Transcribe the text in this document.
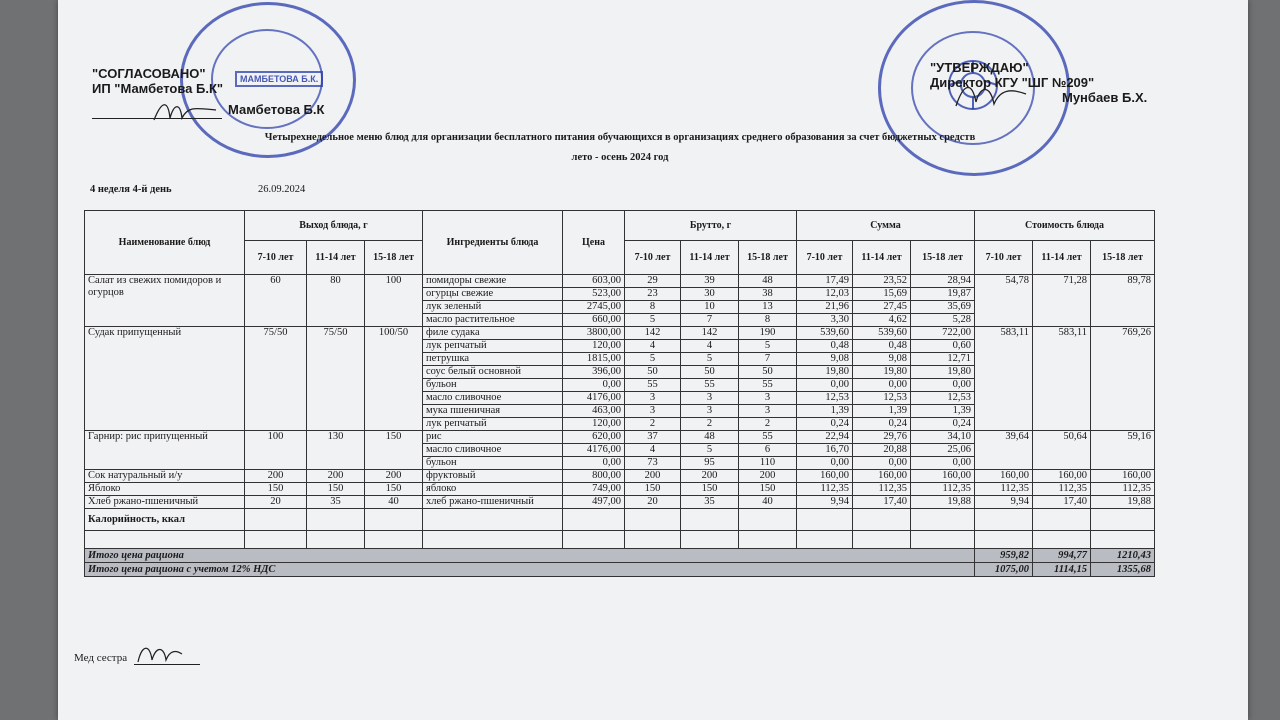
МАМБЕТОВА Б.К.
"СОГЛАСОВАНО"
ИП "Мамбетова Б.К"
Мамбетова Б.К
"УТВЕРЖДАЮ"
Директор КГУ "ШГ №209"
Мунбаев Б.Х.
Четырехнедельное меню блюд для организации бесплатного питания обучающихся в организациях среднего образования за счет бюджетных средств
лето - осень 2024 год
4 неделя 4-й день	26.09.2024
Наименование блюд	Выход блюда, г			Ингредиенты блюда	Цена	Брутто, г			Сумма			Стоимость блюда		
	7-10 лет	11-14 лет	15-18 лет			7-10 лет	11-14 лет	15-18 лет	7-10 лет	11-14 лет	15-18 лет	7-10 лет	11-14 лет	15-18 лет
Салат из свежих помидоров и огурцов	60	80	100	помидоры свежие	603,00	29	39	48	17,49	23,52	28,94	54,78	71,28	89,78
				огурцы свежие	523,00	23	30	38	12,03	15,69	19,87			
				лук зеленый	2745,00	8	10	13	21,96	27,45	35,69			
				масло растительное	660,00	5	7	8	3,30	4,62	5,28			
Судак припущенный	75/50	75/50	100/50	филе судака	3800,00	142	142	190	539,60	539,60	722,00	583,11	583,11	769,26
				лук репчатый	120,00	4	4	5	0,48	0,48	0,60			
				петрушка	1815,00	5	5	7	9,08	9,08	12,71			
				соус белый основной	396,00	50	50	50	19,80	19,80	19,80			
				бульон	0,00	55	55	55	0,00	0,00	0,00			
				масло сливочное	4176,00	3	3	3	12,53	12,53	12,53			
				мука пшеничная	463,00	3	3	3	1,39	1,39	1,39			
				лук репчатый	120,00	2	2	2	0,24	0,24	0,24			
Гарнир: рис припущенный	100	130	150	рис	620,00	37	48	55	22,94	29,76	34,10	39,64	50,64	59,16
				масло сливочное	4176,00	4	5	6	16,70	20,88	25,06			
				бульон	0,00	73	95	110	0,00	0,00	0,00			
Сок натуральный и/у	200	200	200	фруктовый	800,00	200	200	200	160,00	160,00	160,00	160,00	160,00	160,00
Яблоко	150	150	150	яблоко	749,00	150	150	150	112,35	112,35	112,35	112,35	112,35	112,35
Хлеб ржано-пшеничный	20	35	40	хлеб ржано-пшеничный	497,00	20	35	40	9,94	17,40	19,88	9,94	17,40	19,88
Калорийность, ккал														

Итого цена рациона												959,82	994,77	1210,43
Итого цена рациона с учетом 12% НДС												1075,00	1114,15	1355,68
Мед сестра
